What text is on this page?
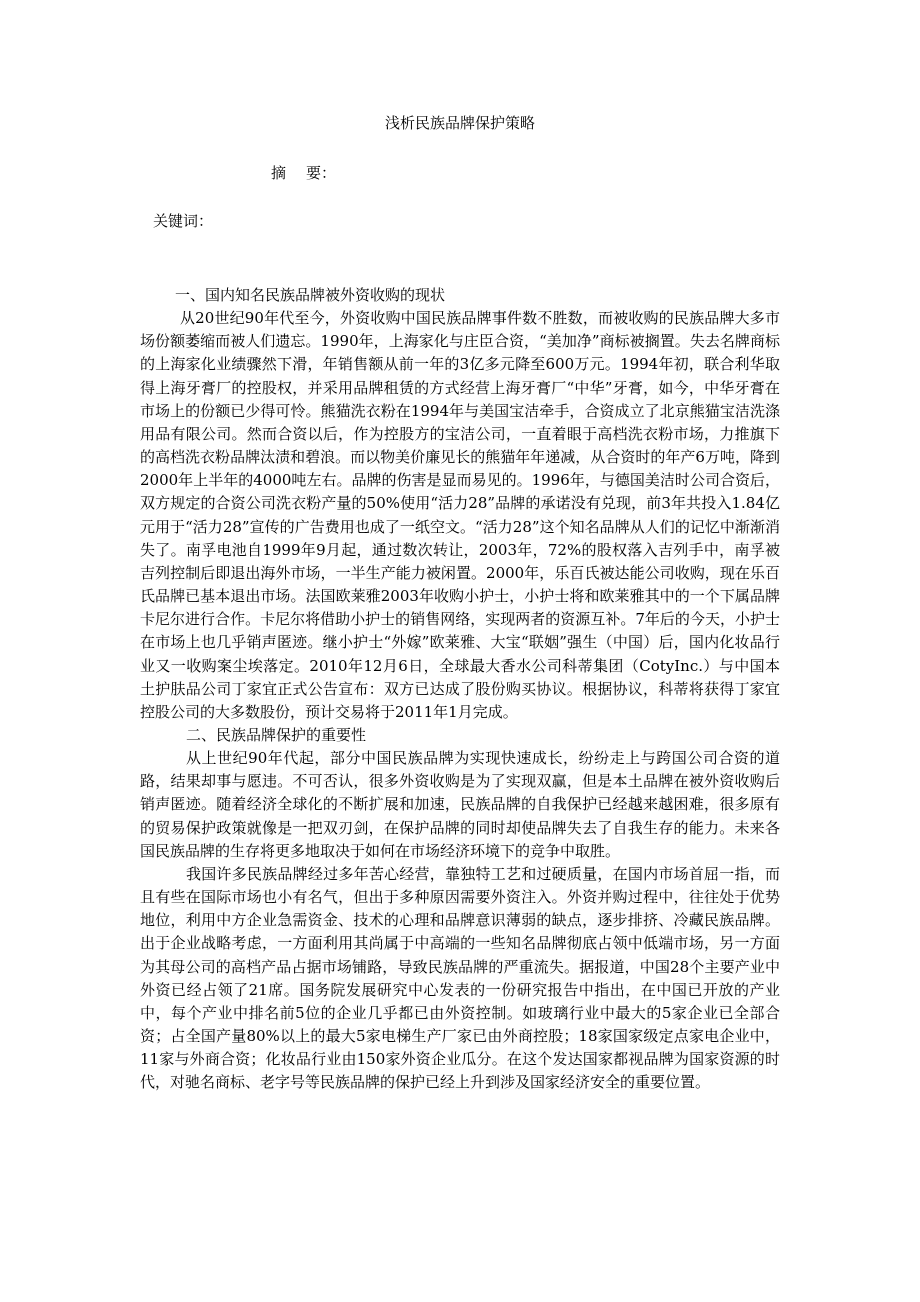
浅析民族品牌保护策略

摘 要：

关键词：

一、国内知名民族品牌被外资收购的现状

从20世纪90年代至今，外资收购中国民族品牌事件数不胜数，而被收购的民族品牌大多市场份额萎缩而被人们遗忘。1990年，上海家化与庄臣合资，“美加净”商标被搁置。失去名牌商标的上海家化业绩骤然下滑，年销售额从前一年的3亿多元降至600万元。1994年初，联合利华取得上海牙膏厂的控股权，并采用品牌租赁的方式经营上海牙膏厂“中华”牙膏，如今，中华牙膏在市场上的份额已少得可怜。熊猫洗衣粉在1994年与美国宝洁牵手，合资成立了北京熊猫宝洁洗涤用品有限公司。然而合资以后，作为控股方的宝洁公司，一直着眼于高档洗衣粉市场，力推旗下的高档洗衣粉品牌汰渍和碧浪。而以物美价廉见长的熊猫年年递减，从合资时的年产6万吨，降到2000年上半年的4000吨左右。品牌的伤害是显而易见的。1996年，与德国美洁时公司合资后，双方规定的合资公司洗衣粉产量的50%使用“活力28”品牌的承诺没有兑现，前3年共投入1.84亿元用于“活力28”宣传的广告费用也成了一纸空文。“活力28”这个知名品牌从人们的记忆中渐渐消失了。南孚电池自1999年9月起，通过数次转让，2003年，72%的股权落入吉列手中，南孚被吉列控制后即退出海外市场，一半生产能力被闲置。2000年，乐百氏被达能公司收购，现在乐百氏品牌已基本退出市场。法国欧莱雅2003年收购小护士，小护士将和欧莱雅其中的一个下属品牌卡尼尔进行合作。卡尼尔将借助小护士的销售网络，实现两者的资源互补。7年后的今天，小护士在市场上也几乎销声匿迹。继小护士“外嫁”欧莱雅、大宝“联姻”强生（中国）后，国内化妆品行业又一收购案尘埃落定。2010年12月6日，全球最大香水公司科蒂集团（CotyInc.）与中国本土护肤品公司丁家宜正式公告宣布：双方已达成了股份购买协议。根据协议，科蒂将获得丁家宜控股公司的大多数股份，预计交易将于2011年1月完成。

二、民族品牌保护的重要性

从上世纪90年代起，部分中国民族品牌为实现快速成长，纷纷走上与跨国公司合资的道路，结果却事与愿违。不可否认，很多外资收购是为了实现双赢，但是本土品牌在被外资收购后销声匿迹。随着经济全球化的不断扩展和加速，民族品牌的自我保护已经越来越困难，很多原有的贸易保护政策就像是一把双刃剑，在保护品牌的同时却使品牌失去了自我生存的能力。未来各国民族品牌的生存将更多地取决于如何在市场经济环境下的竞争中取胜。

我国许多民族品牌经过多年苦心经营，靠独特工艺和过硬质量，在国内市场首屈一指，而且有些在国际市场也小有名气，但出于多种原因需要外资注入。外资并购过程中，往往处于优势地位，利用中方企业急需资金、技术的心理和品牌意识薄弱的缺点，逐步排挤、冷藏民族品牌。出于企业战略考虑，一方面利用其尚属于中高端的一些知名品牌彻底占领中低端市场，另一方面为其母公司的高档产品占据市场铺路，导致民族品牌的严重流失。据报道，中国28个主要产业中外资已经占领了21席。国务院发展研究中心发表的一份研究报告中指出，在中国已开放的产业中，每个产业中排名前5位的企业几乎都已由外资控制。如玻璃行业中最大的5家企业已全部合资；占全国产量80%以上的最大5家电梯生产厂家已由外商控股；18家国家级定点家电企业中，11家与外商合资；化妆品行业由150家外资企业瓜分。在这个发达国家都视品牌为国家资源的时代，对驰名商标、老字号等民族品牌的保护已经上升到涉及国家经济安全的重要位置。
